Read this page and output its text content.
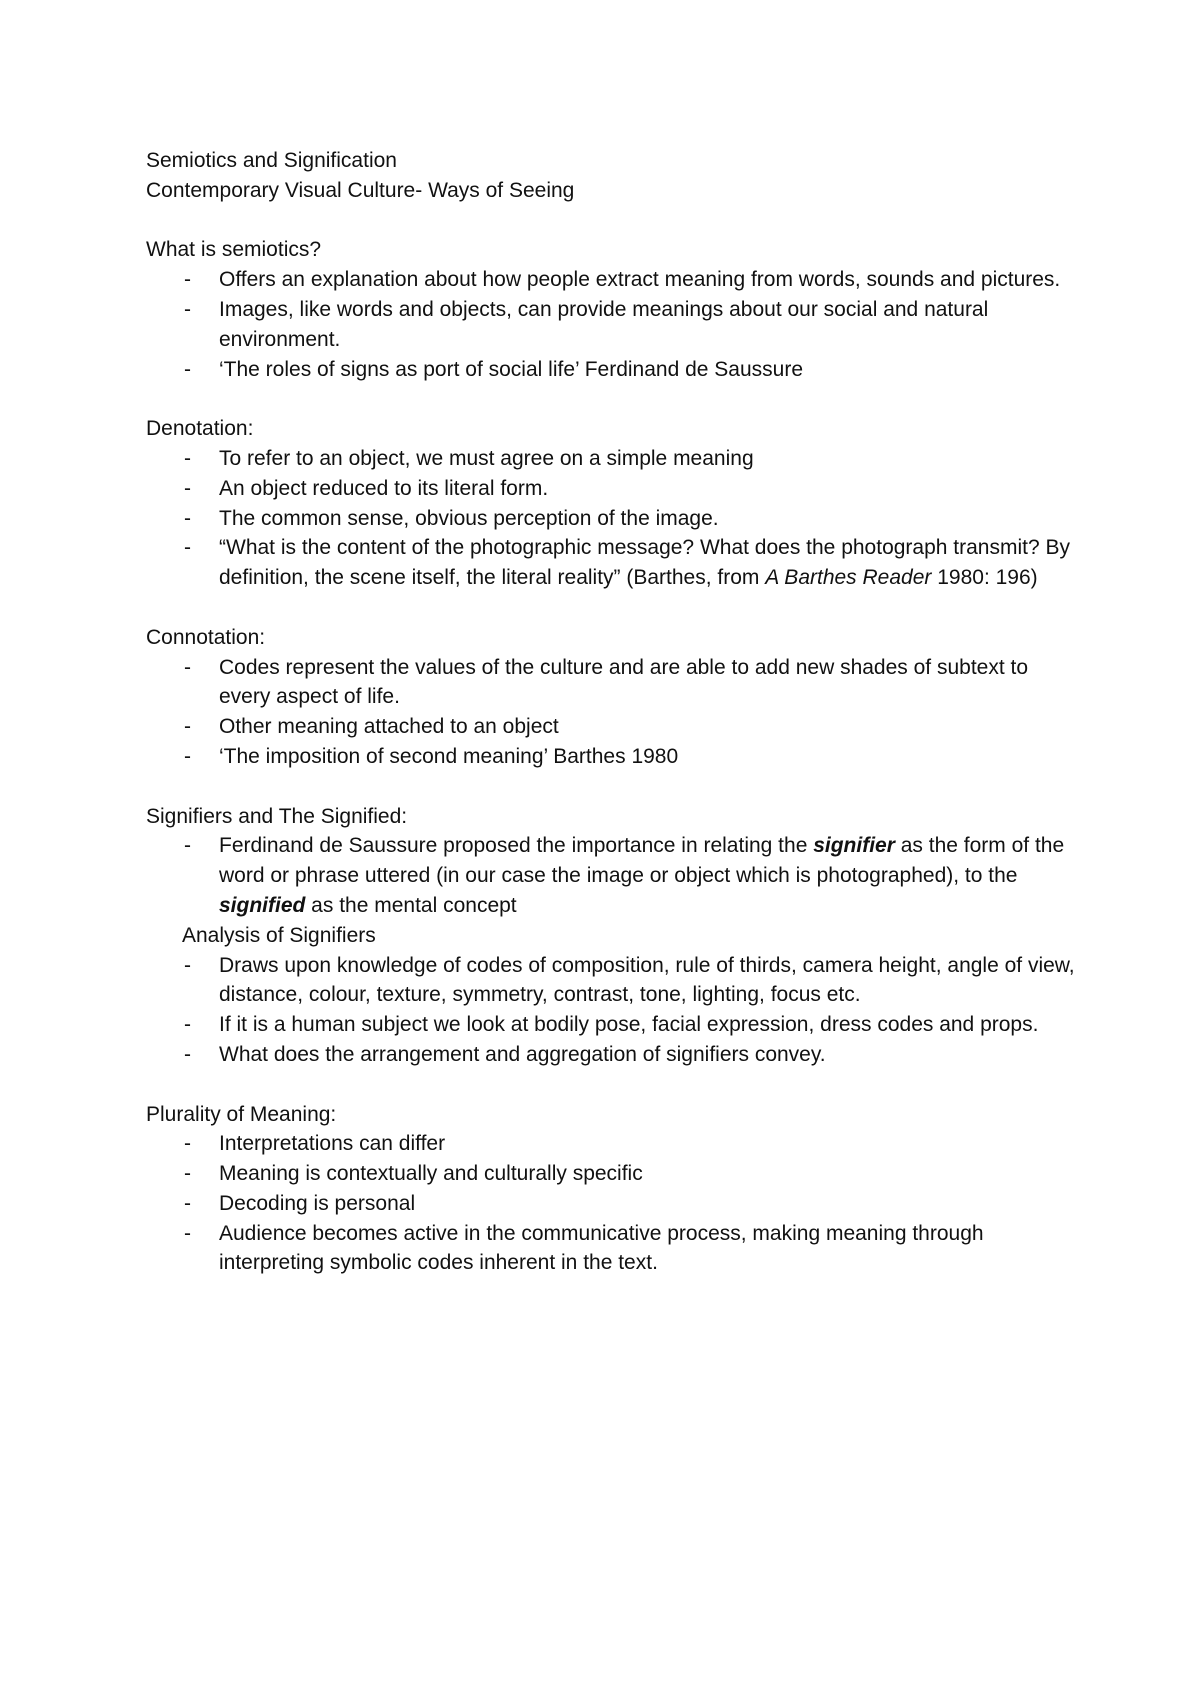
Semiotics and Signification

Contemporary Visual Culture- Ways of Seeing

What is semiotics?

- Offers an explanation about how people extract meaning from words, sounds and pictures.
- Images, like words and objects, can provide meanings about our social and natural environment.
- ‘The roles of signs as port of social life’ Ferdinand de Saussure

Denotation:

- To refer to an object, we must agree on a simple meaning
- An object reduced to its literal form.
- The common sense, obvious perception of the image.
- “What is the content of the photographic message? What does the photograph transmit? By definition, the scene itself, the literal reality” (Barthes, from A Barthes Reader 1980: 196)

Connotation:

- Codes represent the values of the culture and are able to add new shades of subtext to every aspect of life.
- Other meaning attached to an object
- ‘The imposition of second meaning’ Barthes 1980

Signifiers and The Signified:

- Ferdinand de Saussure proposed the importance in relating the signifier as the form of the word or phrase uttered (in our case the image or object which is photographed), to the signified as the mental concept

Analysis of Signifiers

- Draws upon knowledge of codes of composition, rule of thirds, camera height, angle of view, distance, colour, texture, symmetry, contrast, tone, lighting, focus etc.
- If it is a human subject we look at bodily pose, facial expression, dress codes and props.
- What does the arrangement and aggregation of signifiers convey.

Plurality of Meaning:

- Interpretations can differ
- Meaning is contextually and culturally specific
- Decoding is personal
- Audience becomes active in the communicative process, making meaning through interpreting symbolic codes inherent in the text.
